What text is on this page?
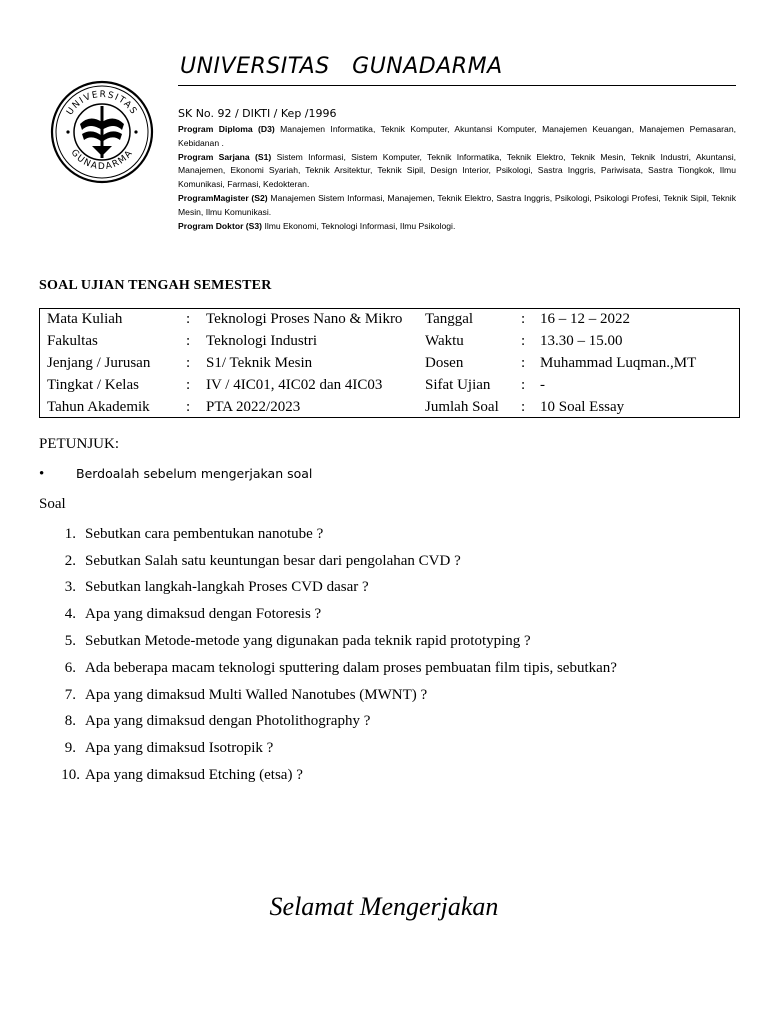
UNIVERSITAS   GUNADARMA
UNIVERSITAS
GUNADARMA
SK No. 92 / DIKTI / Kep /1996
Program Diploma (D3) Manajemen Informatika, Teknik Komputer, Akuntansi Komputer, Manajemen Keuangan, Manajemen Pemasaran, Kebidanan .
Program Sarjana (S1) Sistem Informasi, Sistem Komputer, Teknik Informatika, Teknik Elektro, Teknik Mesin, Teknik Industri, Akuntansi, Manajemen, Ekonomi Syariah, Teknik Arsitektur, Teknik Sipil, Design Interior, Psikologi, Sastra Inggris, Pariwisata, Sastra Tiongkok, Ilmu Komunikasi, Farmasi, Kedokteran.
ProgramMagister (S2) Manajemen Sistem Informasi, Manajemen, Teknik Elektro, Sastra Inggris, Psikologi, Psikologi Profesi, Teknik Sipil, Teknik Mesin, Ilmu Komunikasi.
Program Doktor (S3) Ilmu Ekonomi, Teknologi Informasi, Ilmu Psikologi.
SOAL UJIAN TENGAH SEMESTER
Mata Kuliah	: Teknologi Proses Nano & Mikro Tanggal	: 16 – 12 – 2022
Fakultas	: Teknologi Industri	Waktu	: 13.30 – 15.00
Jenjang / Jurusan : S1/ Teknik Mesin	Dosen	: Muhammad Luqman.,MT
Tingkat / Kelas	: IV / 4IC01, 4IC02 dan 4IC03	Sifat Ujian : -
Tahun Akademik : PTA 2022/2023	Jumlah Soal : 10 Soal Essay
PETUNJUK:
•	Berdoalah sebelum mengerjakan soal
Soal
1. Sebutkan cara pembentukan nanotube ?
2. Sebutkan Salah satu keuntungan besar dari pengolahan CVD ?
3. Sebutkan langkah-langkah Proses CVD dasar ?
4. Apa yang dimaksud dengan Fotoresis ?
5. Sebutkan Metode-metode yang digunakan pada teknik rapid prototyping ?
6. Ada beberapa macam teknologi sputtering dalam proses pembuatan film tipis, sebutkan?
7. Apa yang dimaksud Multi Walled Nanotubes (MWNT) ?
8. Apa yang dimaksud dengan Photolithography ?
9. Apa yang dimaksud Isotropik ?
10. Apa yang dimaksud Etching (etsa) ?
Selamat Mengerjakan
